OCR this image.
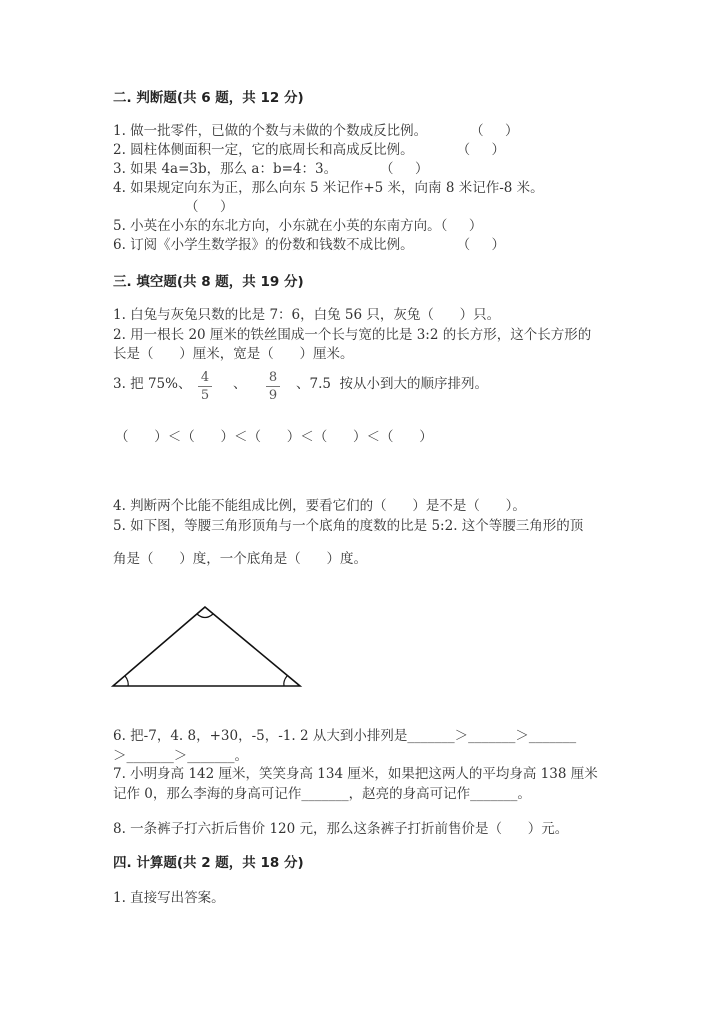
二. 判断题(共 6 题，共 12 分)
1. 做一批零件，已做的个数与未做的个数成反比例。          （     ）
2. 圆柱体侧面积一定，它的底周长和高成反比例。          （     ）
3. 如果 4a=3b，那么 a：b=4：3。          （     ）
4. 如果规定向东为正，那么向东 5 米记作+5 米，向南 8 米记作-8 米。
（     ）
5. 小英在小东的东北方向，小东就在小英的东南方向。（     ）
6. 订阅《小学生数学报》的份数和钱数不成比例。          （     ）
三. 填空题(共 8 题，共 19 分)
1. 白兔与灰兔只数的比是 7：6，白兔 56 只，灰兔（      ）只。
2. 用一根长 20 厘米的铁丝围成一个长与宽的比是 3:2 的长方形，这个长方形的
长是（      ）厘米，宽是（      ）厘米。
3. 把 75%、 4
5
、 8
9
、7.5  按从小到大的顺序排列。
（      ）＜（      ）＜（      ）＜（      ）＜（      ）
4. 判断两个比能不能组成比例，要看它们的（      ）是不是（      ）。
5. 如下图，等腰三角形顶角与一个底角的度数的比是 5:2. 这个等腰三角形的顶
角是（      ）度，一个底角是（      ）度。
6. 把-7，4. 8，+30，-5，-1. 2 从大到小排列是_______＞_______＞_______
＞_______＞_______。
7. 小明身高 142 厘米，笑笑身高 134 厘米，如果把这两人的平均身高 138 厘米
记作 0，那么李海的身高可记作_______，赵亮的身高可记作_______。
8. 一条裤子打六折后售价 120 元，那么这条裤子打折前售价是（      ）元。
四. 计算题(共 2 题，共 18 分)
1. 直接写出答案。
